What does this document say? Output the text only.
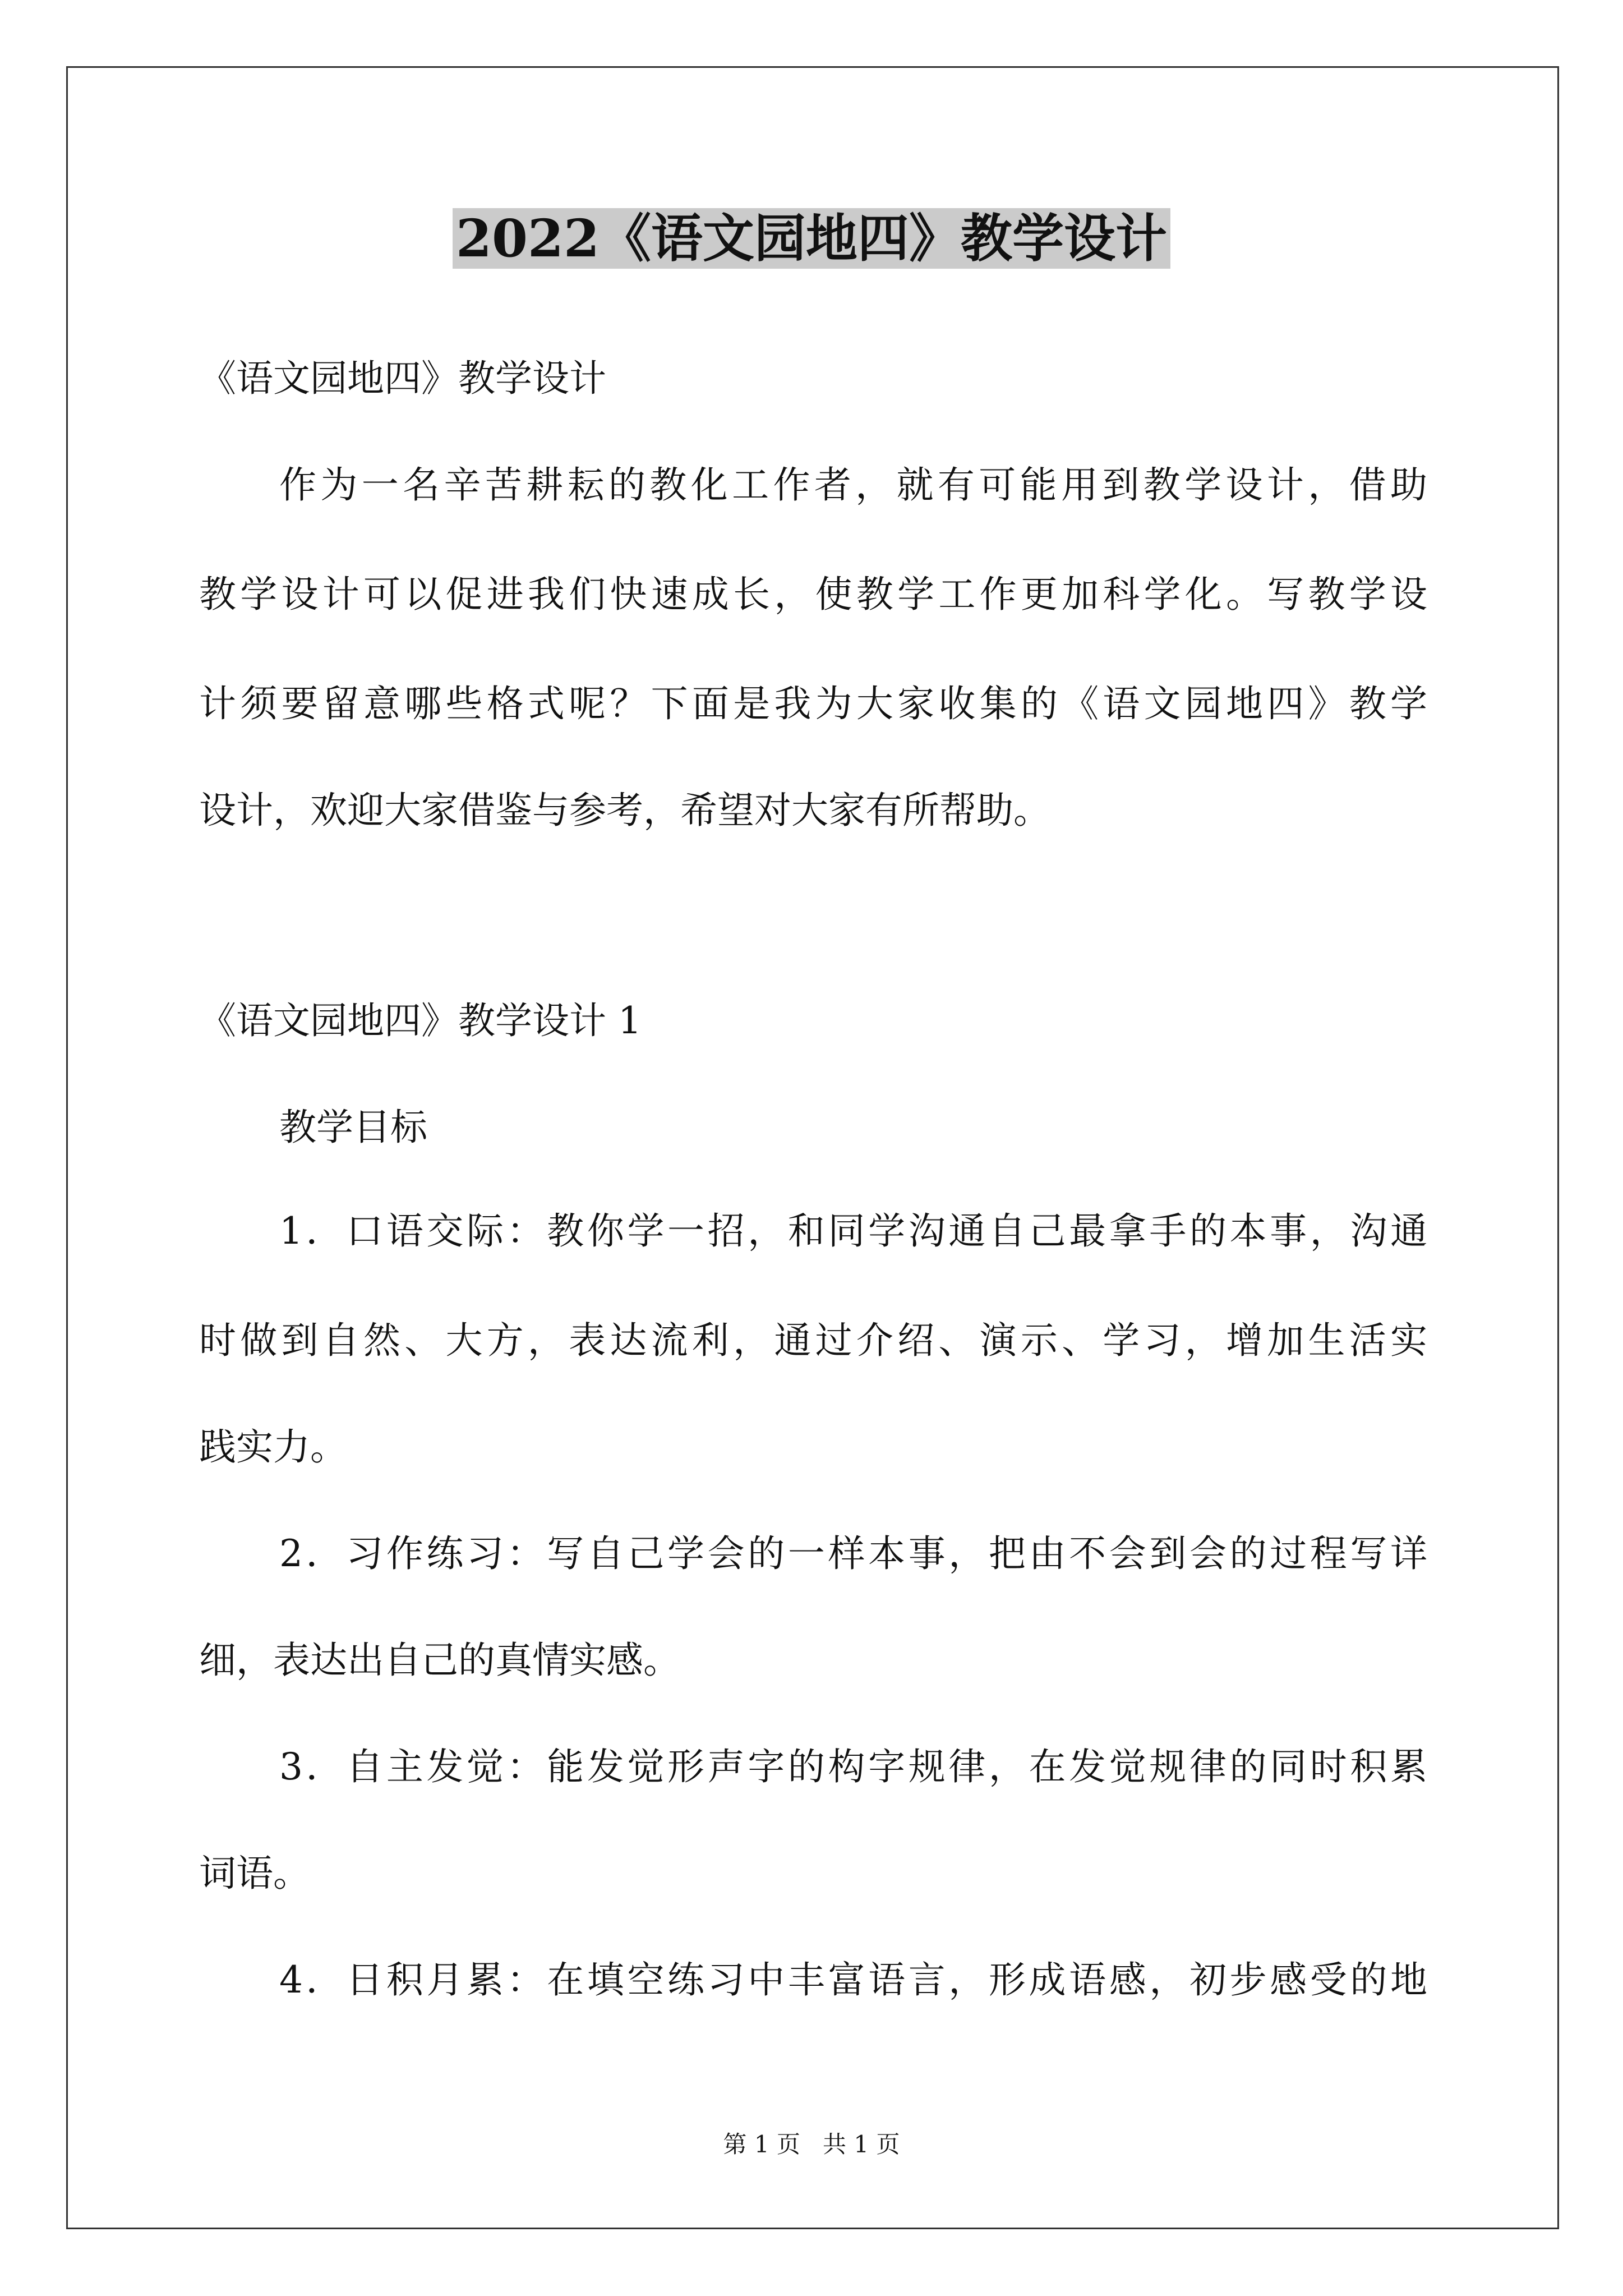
2022《语文园地四》教学设计
《语文园地四》教学设计
作为一名辛苦耕耘的教化工作者，就有可能用到教学设计，借助
教学设计可以促进我们快速成长，使教学工作更加科学化。写教学设
计须要留意哪些格式呢？下面是我为大家收集的《语文园地四》教学
设计，欢迎大家借鉴与参考，希望对大家有所帮助。
《语文园地四》教学设计 1
教学目标
1．口语交际：教你学一招，和同学沟通自己最拿手的本事，沟通
时做到自然、大方，表达流利，通过介绍、演示、学习，增加生活实
践实力。
2．习作练习：写自己学会的一样本事，把由不会到会的过程写详
细，表达出自己的真情实感。
3．自主发觉：能发觉形声字的构字规律，在发觉规律的同时积累
词语。
4．日积月累：在填空练习中丰富语言，形成语感，初步感受的地
第 1 页 共 1 页
